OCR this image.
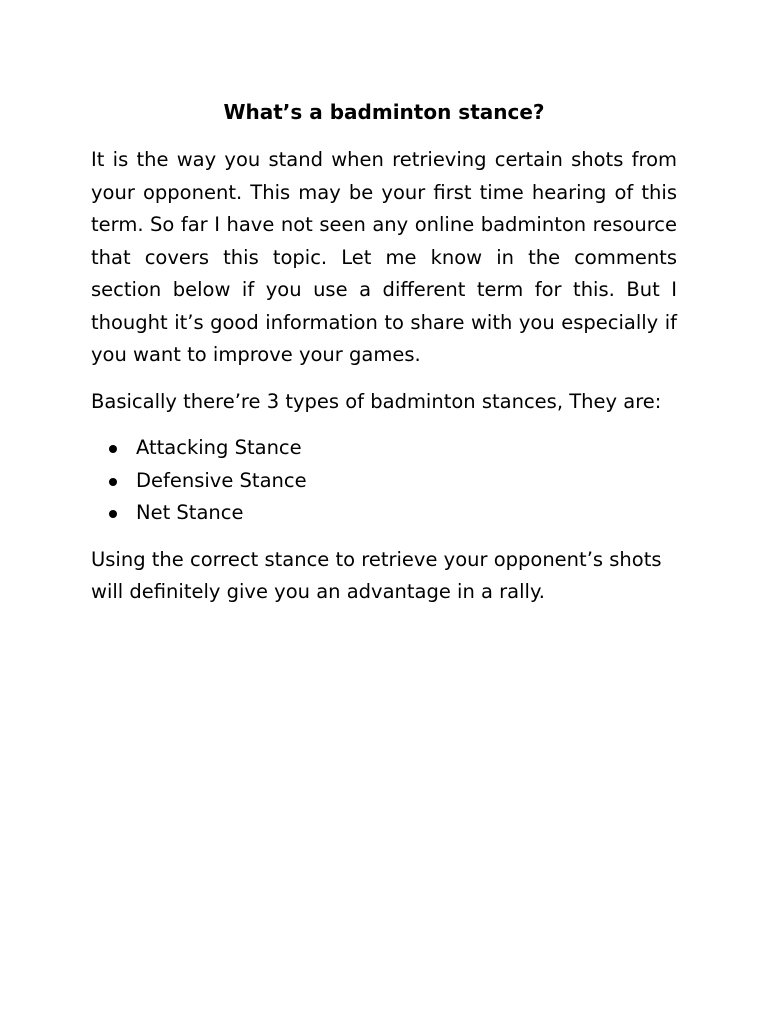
What’s a badminton stance?

It is the way you stand when retrieving certain shots from your opponent. This may be your first time hearing of this term. So far I have not seen any online badminton resource that covers this topic. Let me know in the comments section below if you use a different term for this. But I thought it’s good information to share with you especially if you want to improve your games.

Basically there’re 3 types of badminton stances, They are:

Attacking Stance
Defensive Stance
Net Stance

Using the correct stance to retrieve your opponent’s shots will definitely give you an advantage in a rally.
